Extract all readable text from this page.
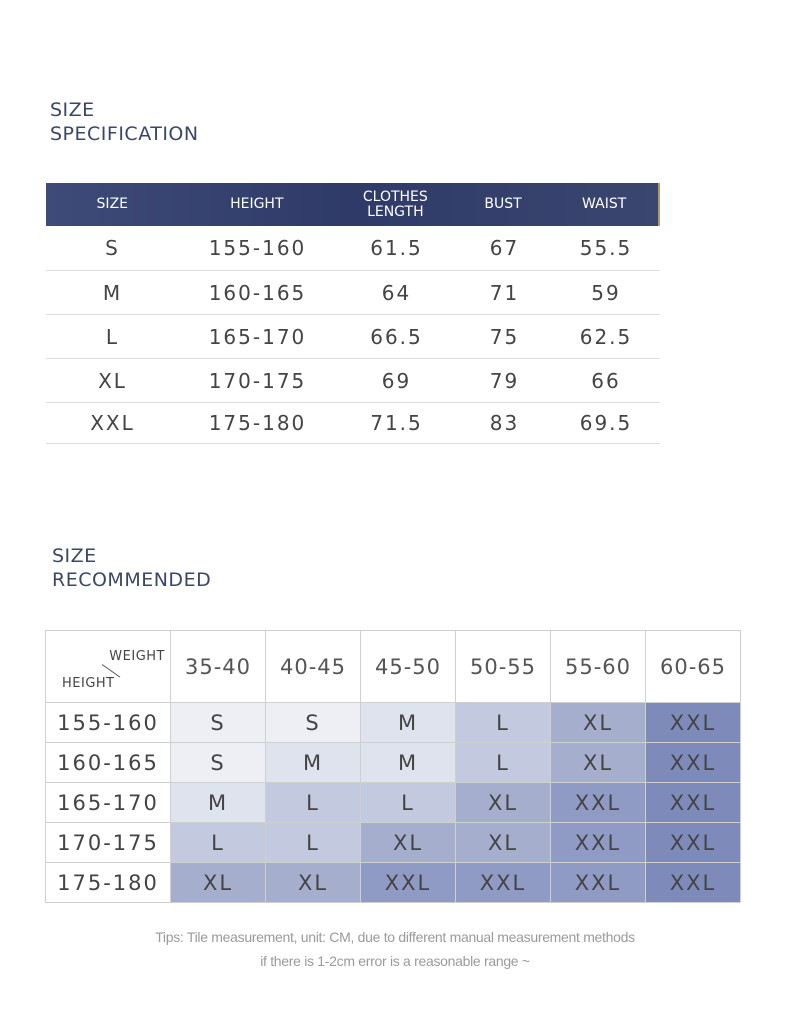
SIZE
SPECIFICATION
SIZE	HEIGHT	CLOTHES LENGTH	BUST	WAIST
S	155-160	61.5	67	55.5
M	160-165	64	71	59
L	165-170	66.5	75	62.5
XL	170-175	69	79	66
XXL	175-180	71.5	83	69.5
SIZE
RECOMMENDED
WEIGHT
HEIGHT	35-40	40-45	45-50	50-55	55-60	60-65
155-160	S	S	M	L	XL	XXL
160-165	S	M	M	L	XL	XXL
165-170	M	L	L	XL	XXL	XXL
170-175	L	L	XL	XL	XXL	XXL
175-180	XL	XL	XXL	XXL	XXL	XXL
Tips: Tile measurement, unit: CM, due to different manual measurement methods
if there is 1-2cm error is a reasonable range ~
